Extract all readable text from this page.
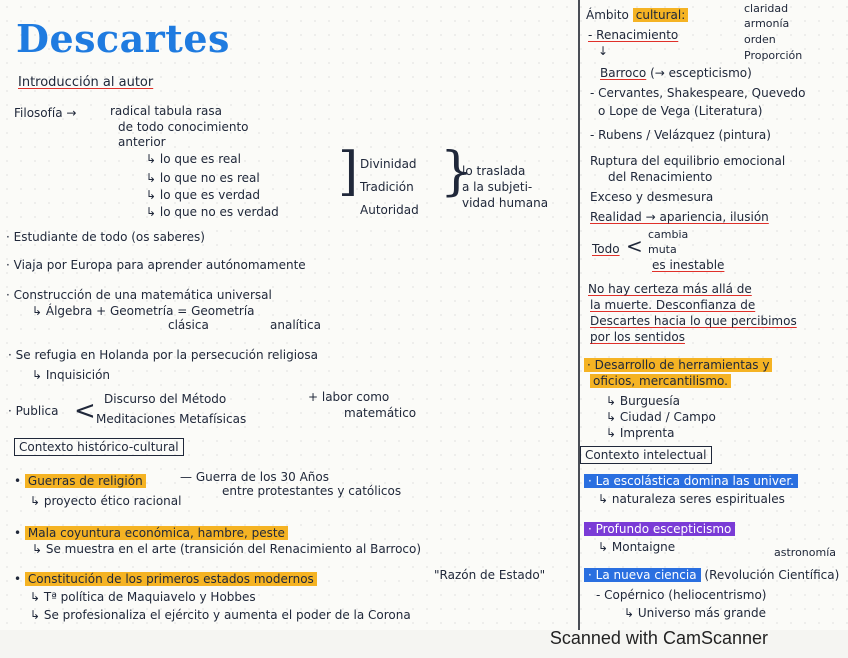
Descartes
Introducción al autor
Filosofía →	radical tabula rasa
de todo conocimiento
anterior
↳ lo que es real
↳ lo que no es real
↳ lo que es verdad
↳ lo que no es verdad
] Divinidad
Tradición
Autoridad
}
lo traslada
a la subjeti-
vidad humana
· Estudiante de todo (os saberes)
· Viaja por Europa para aprender autónomamente
· Construcción de una matemática universal
↳ Álgebra + Geometría = Geometría
clásica	analítica
· Se refugia en Holanda por la persecución religiosa
↳ Inquisición
· Publica < Discurso del Método
Meditaciones Metafísicas
+ labor como
matemático
Contexto histórico-cultural
• Guerras de religión	— Guerra de los 30 Años
entre protestantes y católicos
↳ proyecto ético racional
• Mala coyuntura económica, hambre, peste
↳ Se muestra en el arte (transición del Renacimiento al Barroco)
• Constitución de los primeros estados modernos	"Razón de Estado"
↳ Tª política de Maquiavelo y Hobbes
↳ Se profesionaliza el ejército y aumenta el poder de la Corona
Ámbito cultural:
- Renacimiento
claridad
armonía
orden
Proporción
↓
Barroco (→ escepticismo)
- Cervantes, Shakespeare, Quevedo
o Lope de Vega (Literatura)
- Rubens / Velázquez (pintura)
Ruptura del equilibrio emocional
del Renacimiento
Exceso y desmesura
Realidad → apariencia, ilusión
Todo < cambia
muta
es inestable
No hay certeza más allá de
la muerte. Desconfianza de
Descartes hacia lo que percibimos
por los sentidos
· Desarrollo de herramientas y
oficios, mercantilismo.
↳ Burguesía
↳ Ciudad / Campo
↳ Imprenta
Contexto intelectual
· La escolástica domina las univer.
↳ naturaleza seres espirituales
· Profundo escepticismo
↳ Montaigne	astronomía
· La nueva ciencia (Revolución Científica)
- Copérnico (heliocentrismo)
↳ Universo más grande
Scanned with CamScanner
